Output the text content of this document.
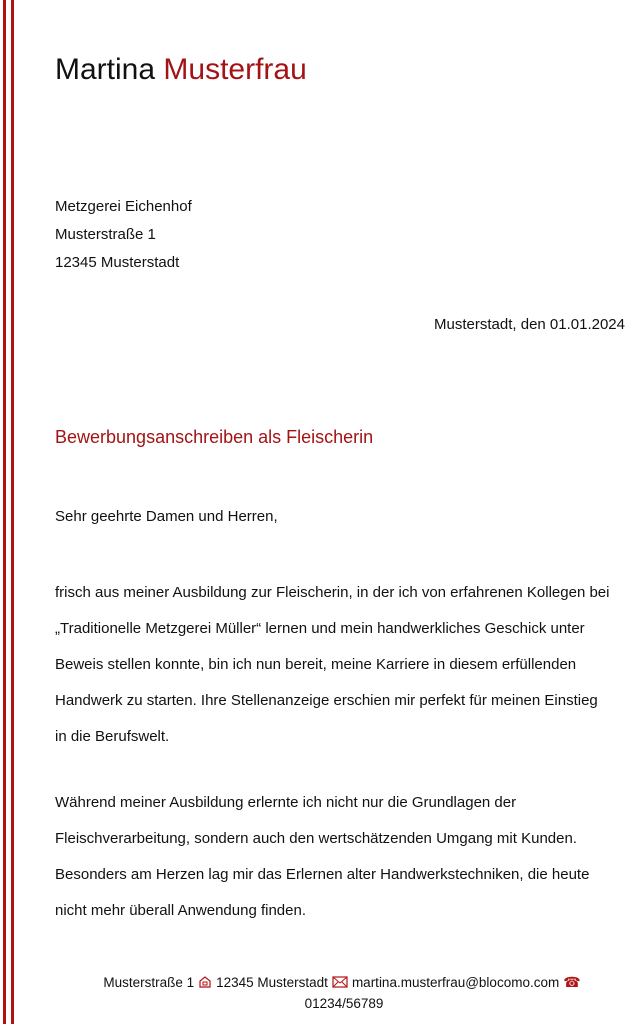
Martina Musterfrau
Metzgerei Eichenhof
Musterstraße 1
12345 Musterstadt
Musterstadt, den 01.01.2024
Bewerbungsanschreiben als Fleischerin
Sehr geehrte Damen und Herren,
frisch aus meiner Ausbildung zur Fleischerin, in der ich von erfahrenen Kollegen bei
„Traditionelle Metzgerei Müller“ lernen und mein handwerkliches Geschick unter
Beweis stellen konnte, bin ich nun bereit, meine Karriere in diesem erfüllenden
Handwerk zu starten. Ihre Stellenanzeige erschien mir perfekt für meinen Einstieg
in die Berufswelt.
Während meiner Ausbildung erlernte ich nicht nur die Grundlagen der
Fleischverarbeitung, sondern auch den wertschätzenden Umgang mit Kunden.
Besonders am Herzen lag mir das Erlernen alter Handwerkstechniken, die heute
nicht mehr überall Anwendung finden.
Musterstraße 1 12345 Musterstadt martina.musterfrau@blocomo.com ☎
01234/56789
